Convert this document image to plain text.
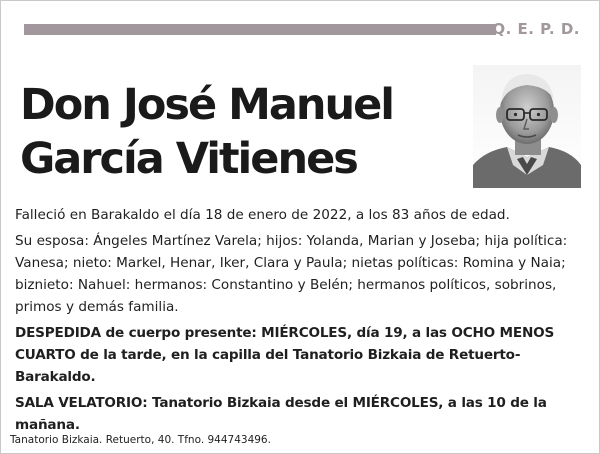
Q. E. P. D.
Don José Manuel
García Vitienes

Falleció en Barakaldo el día 18 de enero de 2022, a los 83 años de edad.

Su esposa: Ángeles Martínez Varela; hijos: Yolanda, Marian y Joseba; hija política: Vanesa; nieto: Markel, Henar, Iker, Clara y Paula; nietas políticas: Romina y Naia; biznieto: Nahuel: hermanos: Constantino y Belén; hermanos políticos, sobrinos, primos y demás familia.

DESPEDIDA de cuerpo presente: MIÉRCOLES, día 19, a las OCHO MENOS CUARTO de la tarde, en la capilla del Tanatorio Bizkaia de Retuerto-Barakaldo.

SALA VELATORIO: Tanatorio Bizkaia desde el MIÉRCOLES, a las 10 de la mañana.

Tanatorio Bizkaia. Retuerto, 40. Tfno. 944743496.
